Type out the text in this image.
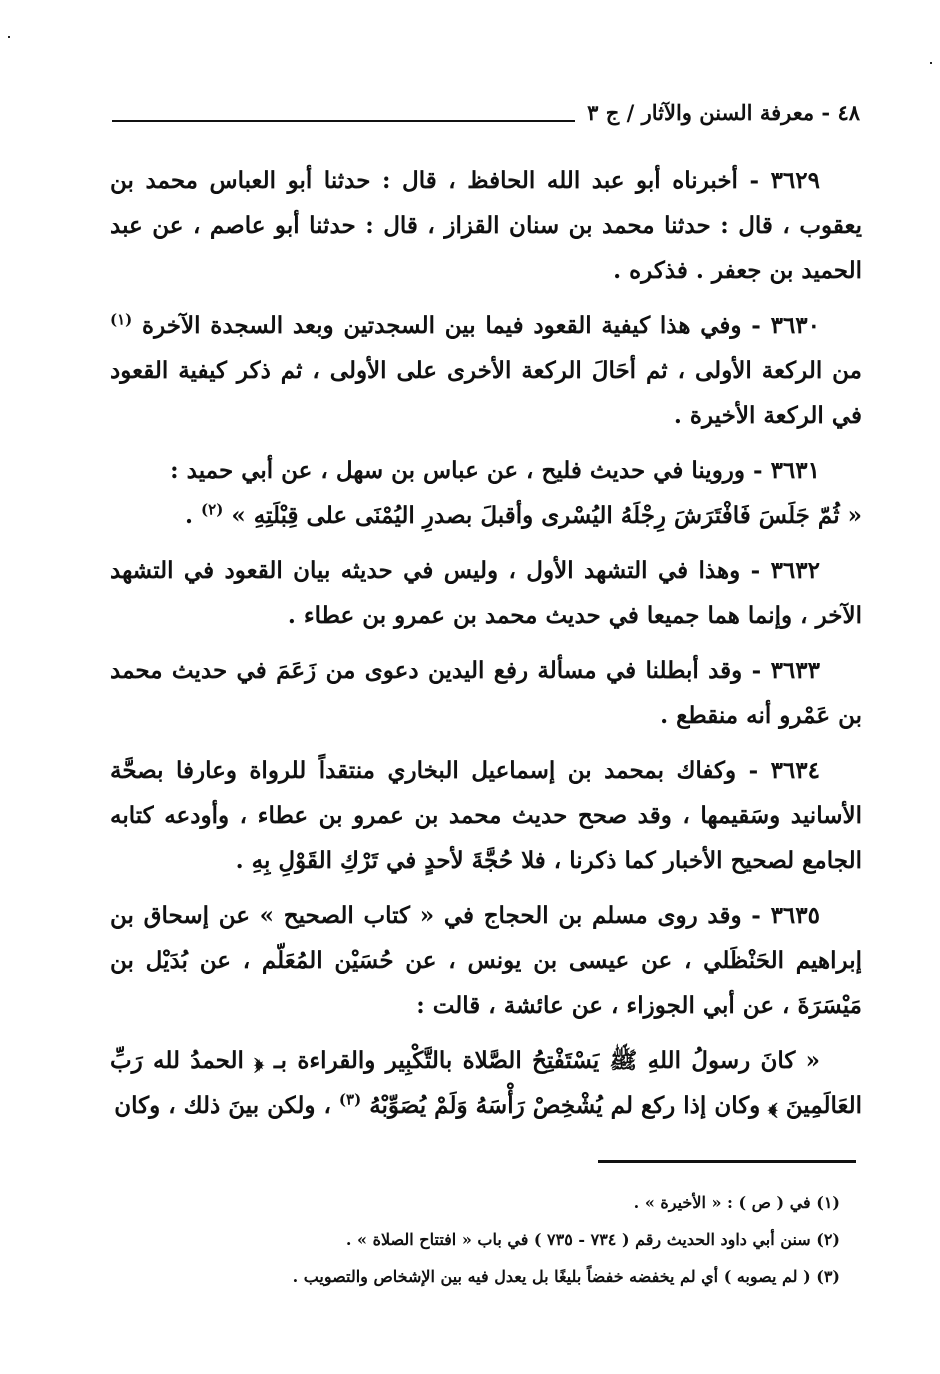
٤٨ - معرفة السنن والآثار / ج ٣

٣٦٢٩ - أخبرناه أبو عبد الله الحافظ ، قال : حدثنا أبو العباس محمد بن يعقوب ، قال : حدثنا محمد بن سنان القزاز ، قال : حدثنا أبو عاصم ، عن عبد الحميد بن جعفر . فذكره .

٣٦٣٠ - وفي هذا كيفية القعود فيما بين السجدتين وبعد السجدة الآخرة $^{(١)}$ من الركعة الأولى ، ثم أحَالَ الركعة الأخرى على الأولى ، ثم ذكر كيفية القعود في الركعة الأخيرة .

٣٦٣١ - وروينا في حديث فليح ، عن عباس بن سهل ، عن أبي حميد :
« ثُمّ جَلَسَ فَافْتَرَشَ رِجْلَهُ اليُسْرى وأقبلَ بصدرِ اليُمْنَى على قِبْلَتِهِ » $^{(٢)}$ .

٣٦٣٢ - وهذا في التشهد الأول ، وليس في حديثه بيان القعود في التشهد الآخر ، وإنما هما جميعا في حديث محمد بن عمرو بن عطاء .

٣٦٣٣ - وقد أبطلنا في مسألة رفع اليدين دعوى من زَعَمَ في حديث محمد بن عَمْرو أنه منقطع .

٣٦٣٤ - وكفاك بمحمد بن إسماعيل البخاري منتقداً للرواة وعارفا بصحَّة الأسانيد وسَقيمها ، وقد صحح حديث محمد بن عمرو بن عطاء ، وأودعه كتابه الجامع لصحيح الأخبار كما ذكرنا ، فلا حُجَّةَ لأحدٍ في تَرْكِ القَوْلِ بِهِ .

٣٦٣٥ - وقد روى مسلم بن الحجاج في « كتاب الصحيح » عن إسحاق بن إبراهيم الحَنْظَلي ، عن عيسى بن يونس ، عن حُسَيْن المُعَلّم ، عن بُدَيْل بن مَيْسَرَةَ ، عن أبي الجوزاء ، عن عائشة ، قالت :

« كانَ رسولُ اللهِ ﷺ يَسْتَفْتِحُ الصَّلاة بالتَّكْبِير والقراءة بـ ﴿ الحمدُ لله رَبِّ العَالَمِينَ ﴾ وكان إذا ركع لم يُشْخِصْ رَأْسَهُ وَلَمْ يُصَوِّبْهُ $^{(٣)}$ ، ولكن بينَ ذلك ، وكان

(١) في ( ص ) : « الأخيرة » .

(٢) سنن أبي داود الحديث رقم ( ٧٣٤ - ٧٣٥ ) في باب « افتتاح الصلاة » .

(٣) ( لم يصوبه ) أي لم يخفضه خفضاً بليغًا بل يعدل فيه بين الإشخاص والتصويب .
